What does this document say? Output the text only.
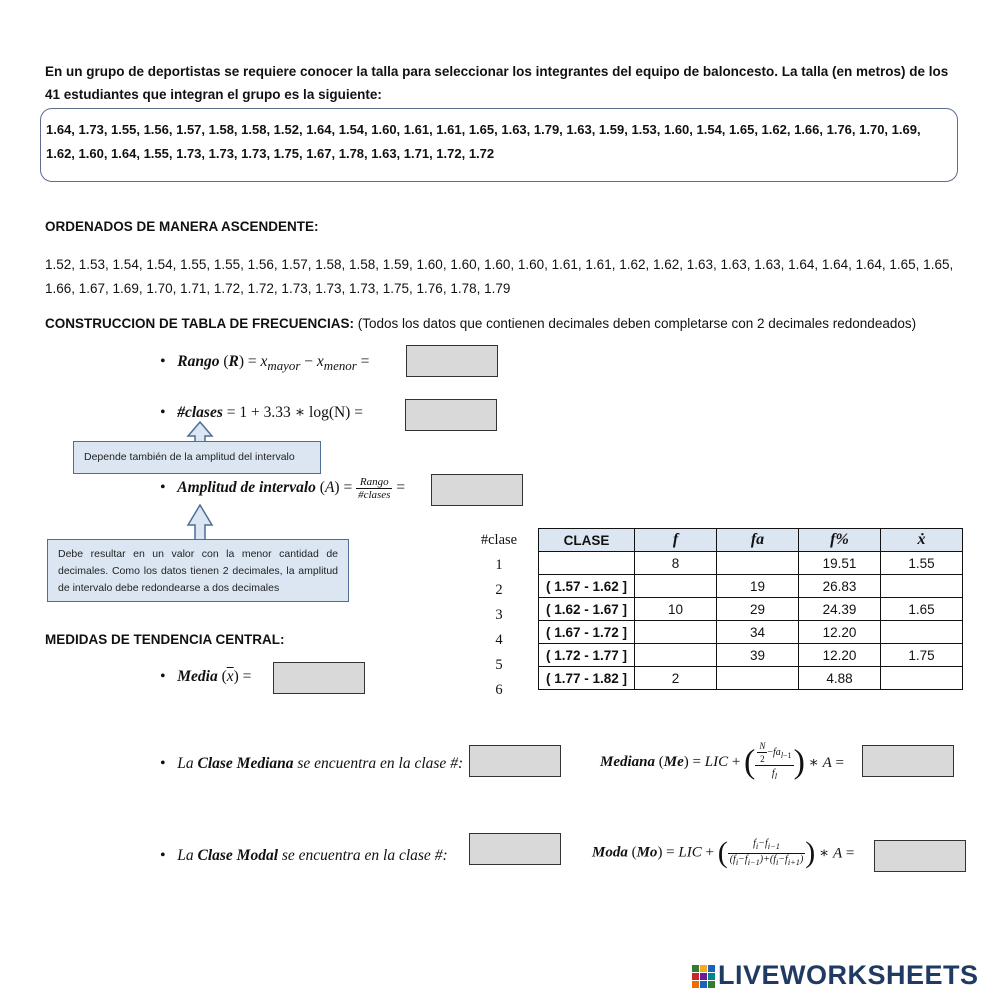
En un grupo de deportistas se requiere conocer la talla para seleccionar los integrantes del equipo de baloncesto. La talla (en metros) de los 41 estudiantes que integran el grupo es la siguiente:
1.64, 1.73, 1.55, 1.56, 1.57, 1.58, 1.58, 1.52, 1.64, 1.54, 1.60, 1.61, 1.61, 1.65, 1.63, 1.79, 1.63, 1.59, 1.53, 1.60, 1.54, 1.65, 1.62, 1.66, 1.76, 1.70, 1.69, 1.62, 1.60, 1.64, 1.55, 1.73, 1.73, 1.73, 1.75, 1.67, 1.78, 1.63, 1.71, 1.72, 1.72
ORDENADOS DE MANERA ASCENDENTE:
1.52, 1.53, 1.54, 1.54, 1.55, 1.55, 1.56, 1.57, 1.58, 1.58, 1.59, 1.60, 1.60, 1.60, 1.60, 1.61, 1.61, 1.62, 1.62, 1.63, 1.63, 1.63, 1.64, 1.64, 1.64, 1.65, 1.65, 1.66, 1.67, 1.69, 1.70, 1.71, 1.72, 1.72, 1.73, 1.73, 1.73, 1.75, 1.76, 1.78, 1.79
CONSTRUCCION DE TABLA DE FRECUENCIAS: (Todos los datos que contienen decimales deben completarse con 2 decimales redondeados)
• Rango $(R) = x_{mayor} - x_{menor}$ =
• #clases = 1 + 3.33 ∗ log(N) =
Depende también de la amplitud del intervalo
• Amplitud de intervalo $(A) = \frac{\text{Rango}}{\text{\#clases}}$ =
Debe resultar en un valor con la menor cantidad de decimales. Como los datos tienen 2 decimales, la amplitud de intervalo debe redondearse a dos decimales
#clase
1
2
3
4
5
6

CLASE	f	fa	f%	ẋ
	8		19.51	1.55
( 1.57 - 1.62 ]		19	26.83	
( 1.62 - 1.67 ]	10	29	24.39	1.65
( 1.67 - 1.72 ]		34	12.20	
( 1.72 - 1.77 ]		39	12.20	1.75
( 1.77 - 1.82 ]	2		4.88	
MEDIDAS DE TENDENCIA CENTRAL:
• Media $(\overline{x})$ =
• La Clase Mediana se encuentra en la clase #:	Mediana (Me) = LIC + ( $\frac{\frac{N}{2} -fa_{l-1}}{f_l}$ ) ∗ A =
• La Clase Modal se encuentra en la clase #:	Moda (Mo) = LIC + ( $\frac{f_i-f_{i-1}}{(f_i-f_{i-1})+(f_i-f_{i+1})}$ ) ∗ A =
LIVEWORKSHEETS
